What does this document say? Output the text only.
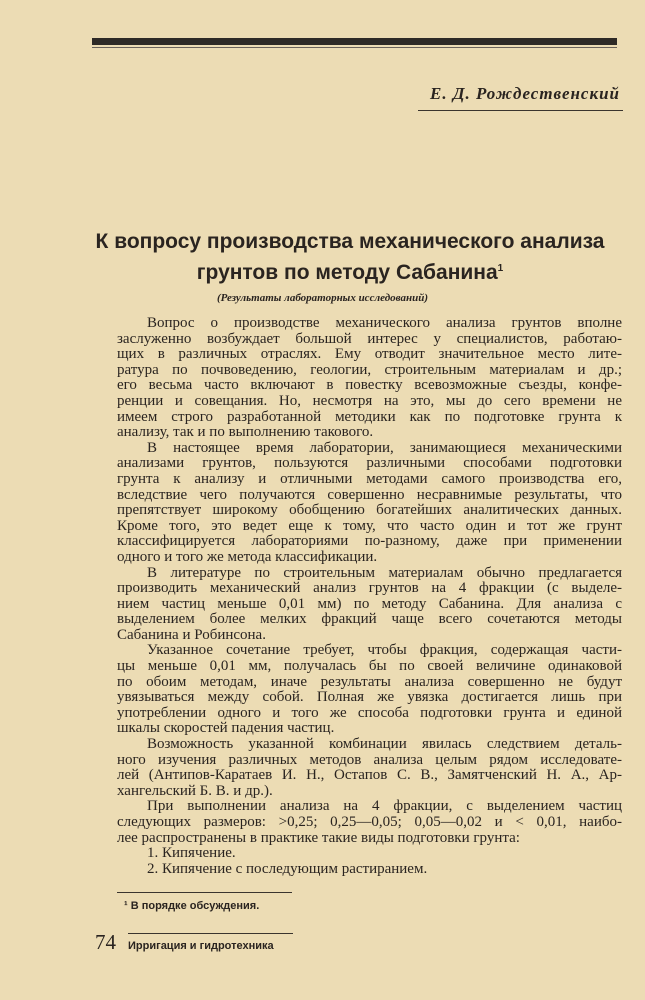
Е. Д. Рождественский
К вопросу производства механического анализа
грунтов по методу Сабанина$^1$
(Результаты лабораторных исследований)
Вопрос о производстве механического анализа грунтов вполне
заслуженно возбуждает большой интерес у специалистов, работаю-
щих в различных отраслях. Ему отводит значительное место лите-
ратура по почвоведению, геологии, строительным материалам и др.;
его весьма часто включают в повестку всевозможные съезды, конфе-
ренции и совещания. Но, несмотря на это, мы до сего времени не
имеем строго разработанной методики как по подготовке грунта к
анализу, так и по выполнению такового.
В настоящее время лаборатории, занимающиеся механическими
анализами грунтов, пользуются различными способами подготовки
грунта к анализу и отличными методами самого производства его,
вследствие чего получаются совершенно несравнимые результаты, что
препятствует широкому обобщению богатейших аналитических данных.
Кроме того, это ведет еще к тому, что часто один и тот же грунт
классифицируется лабораториями по-разному, даже при применении
одного и того же метода классификации.
В литературе по строительным материалам обычно предлагается
производить механический анализ грунтов на 4 фракции (с выделе-
нием частиц меньше 0,01 мм) по методу Сабанина. Для анализа с
выделением более мелких фракций чаще всего сочетаются методы
Сабанина и Робинсона.
Указанное сочетание требует, чтобы фракция, содержащая части-
цы меньше 0,01 мм, получалась бы по своей величине одинаковой
по обоим методам, иначе результаты анализа совершенно не будут
увязываться между собой. Полная же увязка достигается лишь при
употреблении одного и того же способа подготовки грунта и единой
шкалы скоростей падения частиц.
Возможность указанной комбинации явилась следствием деталь-
ного изучения различных методов анализа целым рядом исследовате-
лей (Антипов-Каратаев И. Н., Остапов С. В., Замятченский Н. А., Ар-
хангельский Б. В. и др.).
При выполнении анализа на 4 фракции, с выделением частиц
следующих размеров: >0,25; 0,25—0,05; 0,05—0,02 и < 0,01, наибо-
лее распространены в практике такие виды подготовки грунта:
1. Кипячение.
2. Кипячение с последующим растиранием.
¹ В порядке обсуждения.
74 Ирригация и гидротехника
